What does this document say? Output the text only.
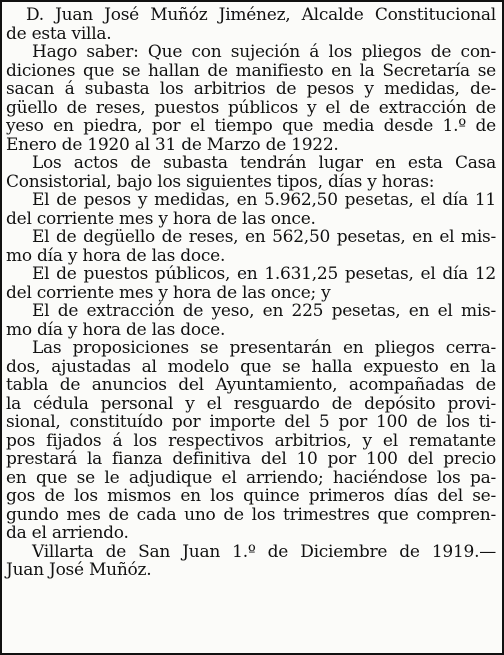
D. Juan José Muñóz Jiménez, Alcalde Constitucional
de esta villa.
Hago saber: Que con sujeción á los pliegos de con-
diciones que se hallan de manifiesto en la Secretaría se
sacan á subasta los arbitrios de pesos y medidas, de-
güello de reses, puestos públicos y el de extracción de
yeso en piedra, por el tiempo que media desde 1.º de
Enero de 1920 al 31 de Marzo de 1922.
Los actos de subasta tendrán lugar en esta Casa
Consistorial, bajo los siguientes tipos, días y horas:
El de pesos y medidas, en 5.962,50 pesetas, el día 11
del corriente mes y hora de las once.
El de degüello de reses, en 562,50 pesetas, en el mis-
mo día y hora de las doce.
El de puestos públicos, en 1.631,25 pesetas, el día 12
del corriente mes y hora de las once; y
El de extracción de yeso, en 225 pesetas, en el mis-
mo día y hora de las doce.
Las proposiciones se presentarán en pliegos cerra-
dos, ajustadas al modelo que se halla expuesto en la
tabla de anuncios del Ayuntamiento, acompañadas de
la cédula personal y el resguardo de depósito provi-
sional, constituído por importe del 5 por 100 de los ti-
pos fijados á los respectivos arbitrios, y el rematante
prestará la fianza definitiva del 10 por 100 del precio
en que se le adjudique el arriendo; haciéndose los pa-
gos de los mismos en los quince primeros días del se-
gundo mes de cada uno de los trimestres que compren-
da el arriendo.
Villarta de San Juan 1.º de Diciembre de 1919.—
Juan José Muñóz.
